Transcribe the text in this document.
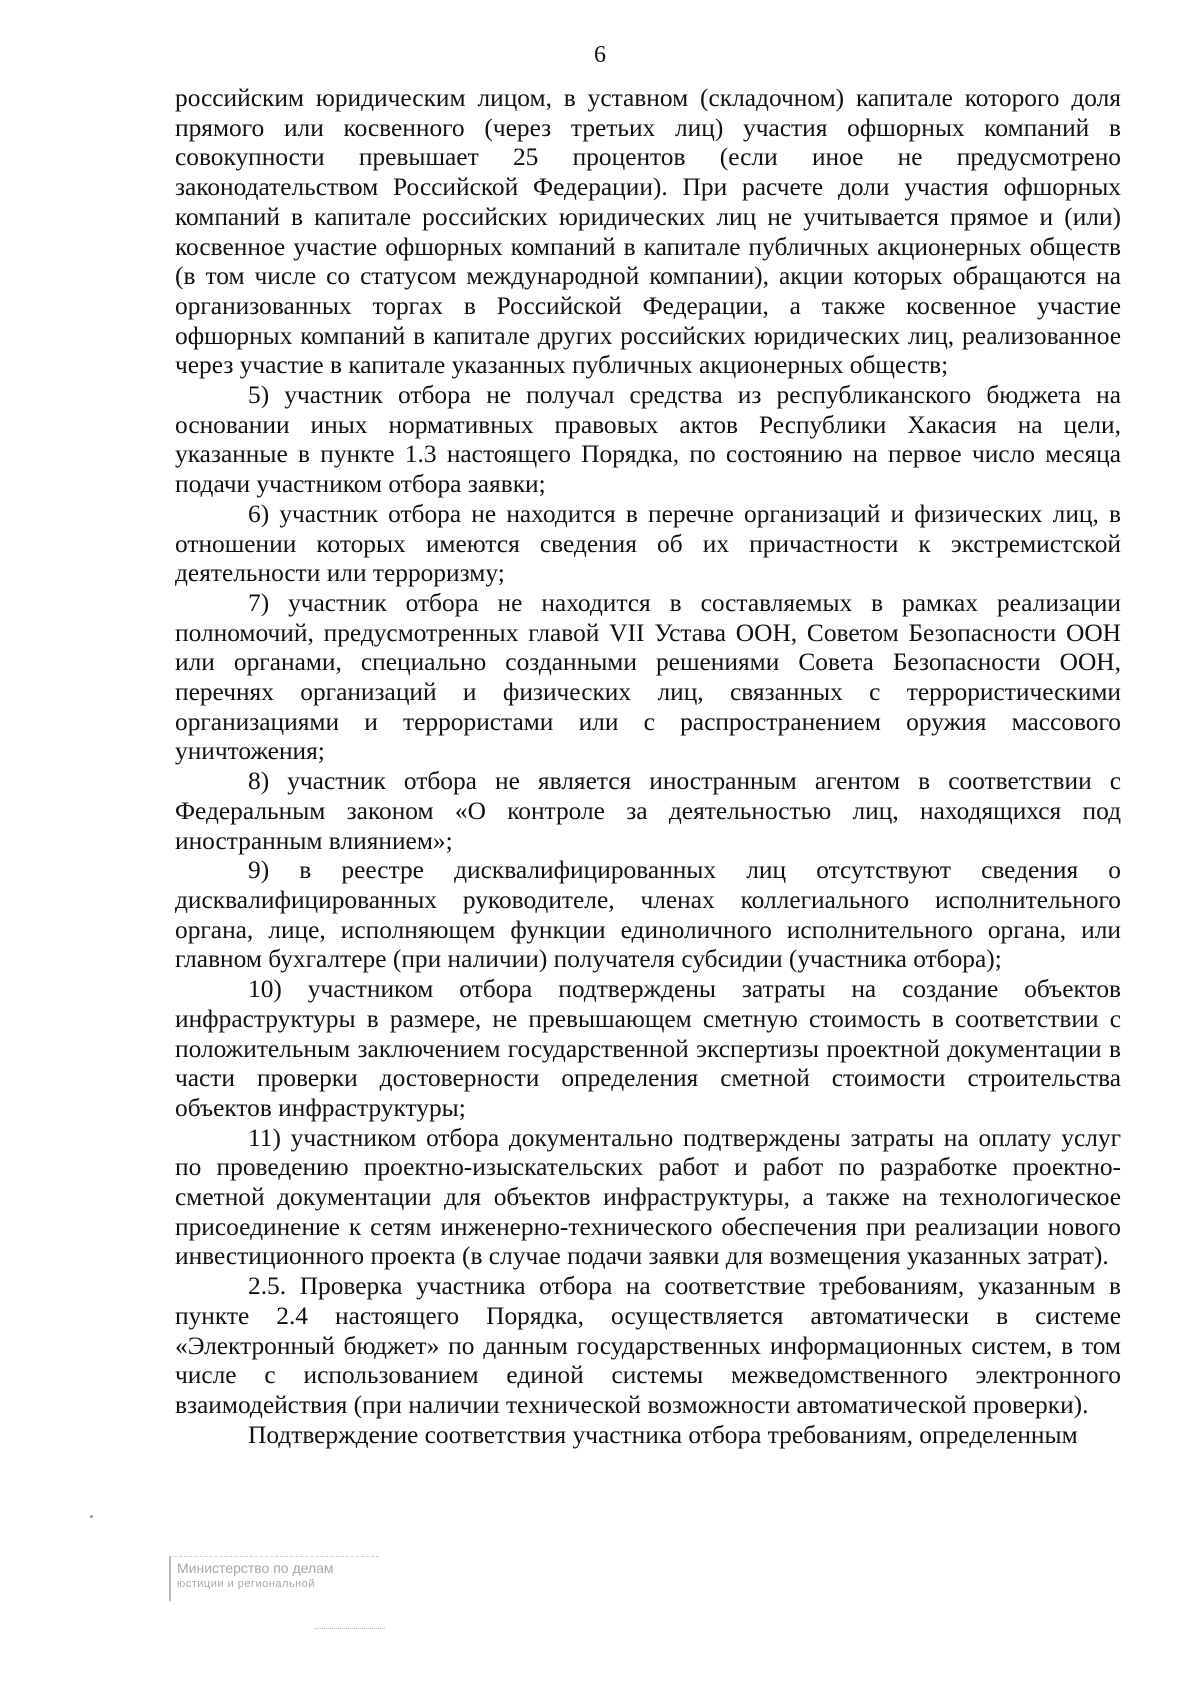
6

российским юридическим лицом, в уставном (складочном) капитале которого доля прямого или косвенного (через третьих лиц) участия офшорных компаний в совокупности превышает 25 процентов (если иное не предусмотрено законодательством Российской Федерации). При расчете доли участия офшорных компаний в капитале российских юридических лиц не учитывается прямое и (или) косвенное участие офшорных компаний в капитале публичных акционерных обществ (в том числе со статусом международной компании), акции которых обращаются на организованных торгах в Российской Федерации, а также косвенное участие офшорных компаний в капитале других российских юридических лиц, реализованное через участие в капитале указанных публичных акционерных обществ;

5) участник отбора не получал средства из республиканского бюджета на основании иных нормативных правовых актов Республики Хакасия на цели, указанные в пункте 1.3 настоящего Порядка, по состоянию на первое число месяца подачи участником отбора заявки;

6) участник отбора не находится в перечне организаций и физических лиц, в отношении которых имеются сведения об их причастности к экстремистской деятельности или терроризму;

7) участник отбора не находится в составляемых в рамках реализации полномочий, предусмотренных главой VII Устава ООН, Советом Безопасности ООН или органами, специально созданными решениями Совета Безопасности ООН, перечнях организаций и физических лиц, связанных с террористическими организациями и террористами или с распространением оружия массового уничтожения;

8) участник отбора не является иностранным агентом в соответствии с Федеральным законом «О контроле за деятельностью лиц, находящихся под иностранным влиянием»;

9) в реестре дисквалифицированных лиц отсутствуют сведения о дисквалифицированных руководителе, членах коллегиального исполнительного органа, лице, исполняющем функции единоличного исполнительного органа, или главном бухгалтере (при наличии) получателя субсидии (участника отбора);

10) участником отбора подтверждены затраты на создание объектов инфраструктуры в размере, не превышающем сметную стоимость в соответствии с положительным заключением государственной экспертизы проектной документации в части проверки достоверности определения сметной стоимости строительства объектов инфраструктуры;

11) участником отбора документально подтверждены затраты на оплату услуг по проведению проектно-изыскательских работ и работ по разработке проектно-сметной документации для объектов инфраструктуры, а также на технологическое присоединение к сетям инженерно-технического обеспечения при реализации нового инвестиционного проекта (в случае подачи заявки для возмещения указанных затрат).

2.5. Проверка участника отбора на соответствие требованиям, указанным в пункте 2.4 настоящего Порядка, осуществляется автоматически в системе «Электронный бюджет» по данным государственных информационных систем, в том числе с использованием единой системы межведомственного электронного взаимодействия (при наличии технической возможности автоматической проверки).

Подтверждение соответствия участника отбора требованиям, определенным

Министерство по делам
юстиции и региональной
